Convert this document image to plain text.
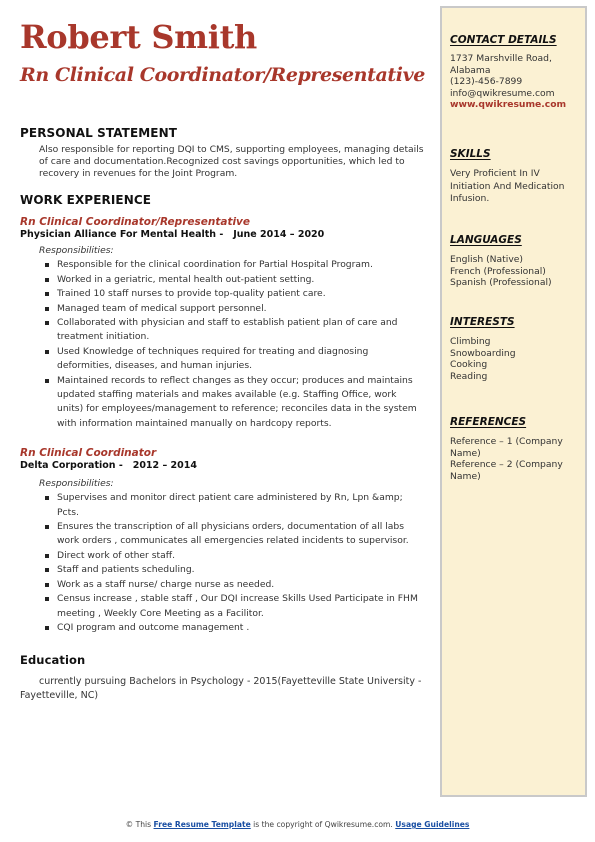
Robert Smith
Rn Clinical Coordinator/Representative
PERSONAL STATEMENT
Also responsible for reporting DQI to CMS, supporting employees, managing details of care and documentation.Recognized cost savings opportunities, which led to recovery in revenues for the Joint Program.
WORK EXPERIENCE
Rn Clinical Coordinator/Representative
Physician Alliance For Mental Health -   June 2014 – 2020
Responsibilities:
Responsible for the clinical coordination for Partial Hospital Program.
Worked in a geriatric, mental health out-patient setting.
Trained 10 staff nurses to provide top-quality patient care.
Managed team of medical support personnel.
Collaborated with physician and staff to establish patient plan of care and treatment initiation.
Used Knowledge of techniques required for treating and diagnosing deformities, diseases, and human injuries.
Maintained records to reflect changes as they occur; produces and maintains updated staffing materials and makes available (e.g. Staffing Office, work units) for employees/management to reference; reconciles data in the system with information maintained manually on hardcopy reports.
Rn Clinical Coordinator
Delta Corporation -   2012 – 2014
Responsibilities:
Supervises and monitor direct patient care administered by Rn, Lpn &amp; Pcts.
Ensures the transcription of all physicians orders, documentation of all labs work orders , communicates all emergencies related incidents to supervisor.
Direct work of other staff.
Staff and patients scheduling.
Work as a staff nurse/ charge nurse as needed.
Census increase , stable staff , Our DQI increase Skills Used Participate in FHM meeting , Weekly Core Meeting as a Facilitor.
CQI program and outcome management .
Education
currently pursuing Bachelors in Psychology - 2015(Fayetteville State University - Fayetteville, NC)
CONTACT DETAILS
1737 Marshville Road,
Alabama
(123)-456-7899
info@qwikresume.com
www.qwikresume.com
SKILLS
Very Proficient In IV Initiation And Medication Infusion.
LANGUAGES
English (Native)
French (Professional)
Spanish (Professional)
INTERESTS
Climbing
Snowboarding
Cooking
Reading
REFERENCES
Reference – 1 (Company Name)
Reference – 2 (Company Name)
© This Free Resume Template is the copyright of Qwikresume.com. Usage Guidelines
